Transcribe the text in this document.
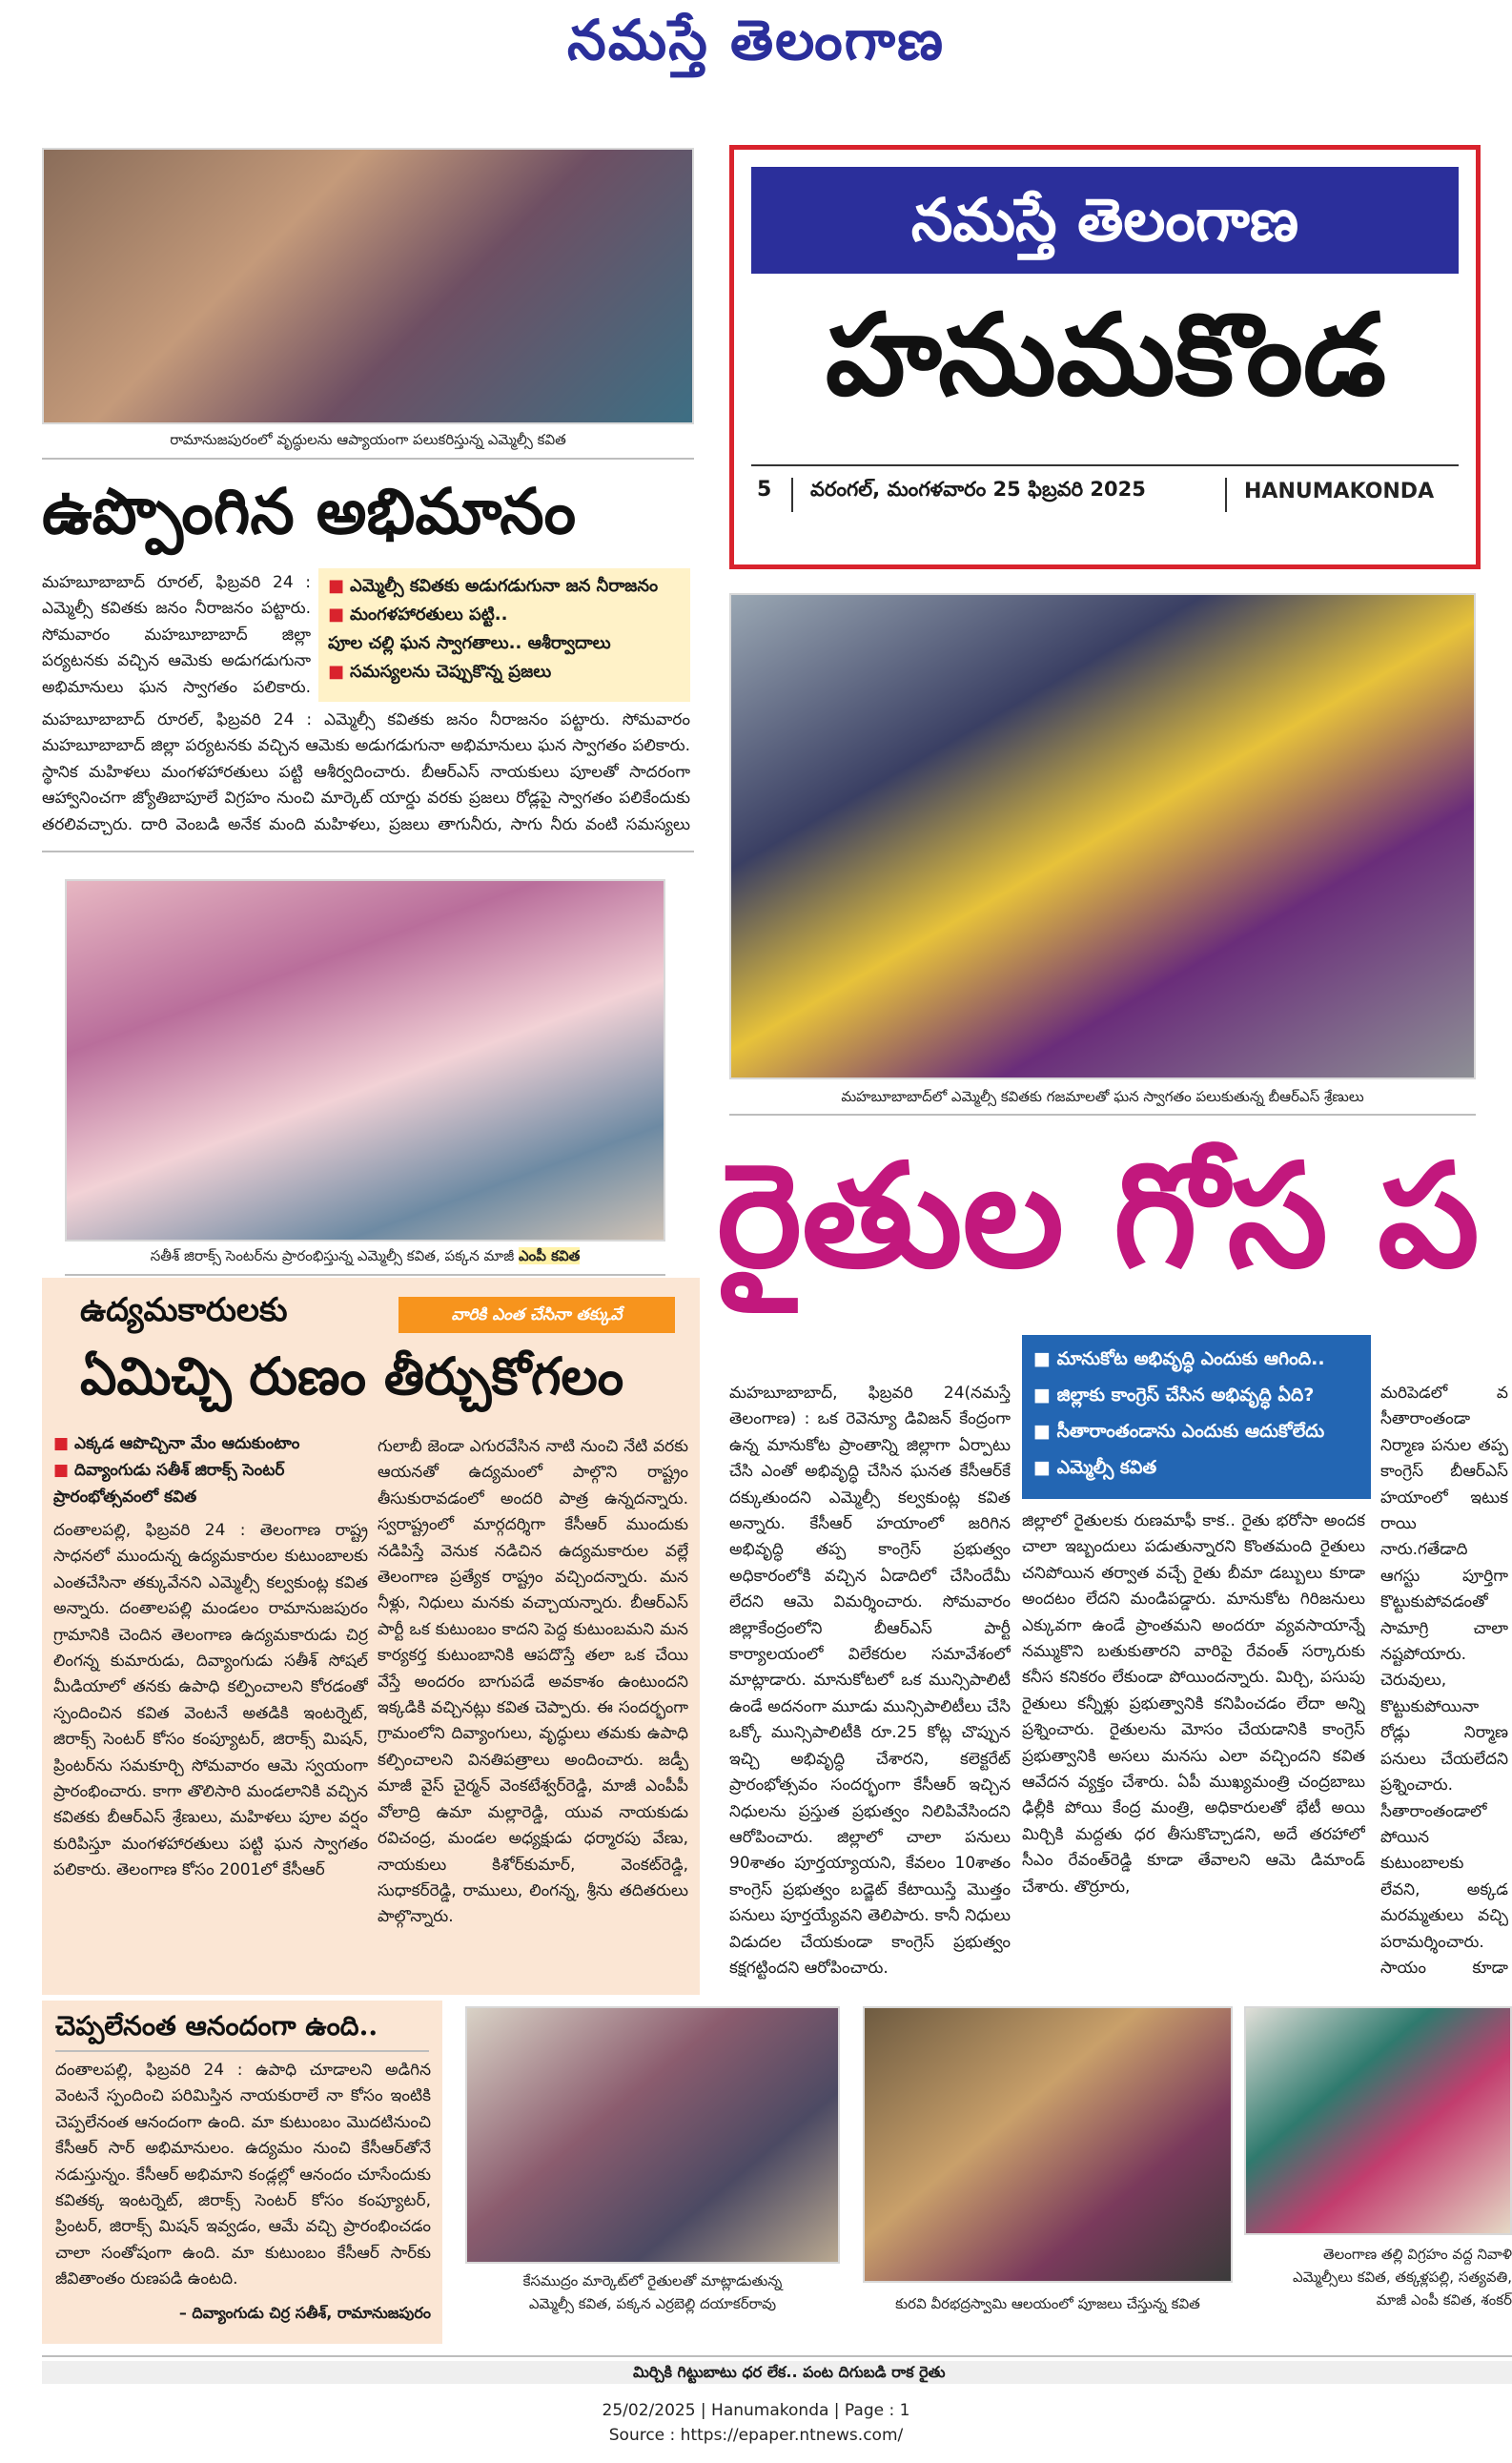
నమస్తే తెలంగాణ
రామానుజపురంలో వృద్ధులను ఆప్యాయంగా పలుకరిస్తున్న ఎమ్మెల్సీ కవిత
నమస్తే తెలంగాణ
హనుమకొండ
5 వరంగల్, మంగళవారం 25 ఫిబ్రవరి 2025	HANUMAKONDA
ఉప్పొంగిన అభిమానం
మహబూబాబాద్ రూరల్, ఫిబ్రవరి 24 : ఎమ్మెల్సీ కవితకు జనం నీరాజనం పట్టారు. సోమవారం మహబూబాబాద్ జిల్లా పర్యటనకు వచ్చిన ఆమెకు అడుగడుగునా అభిమానులు ఘన స్వాగతం పలికారు.
■ ఎమ్మెల్సీ కవితకు అడుగడుగునా జన నీరాజనం
■ మంగళహారతులు పట్టి..
పూల చల్లి ఘన స్వాగతాలు.. ఆశీర్వాదాలు
■ సమస్యలను చెప్పుకొన్న ప్రజలు
మహబూబాబాద్ రూరల్, ఫిబ్రవరి 24 : ఎమ్మెల్సీ కవితకు జనం నీరాజనం పట్టారు. సోమవారం మహబూబాబాద్ జిల్లా పర్యటనకు వచ్చిన ఆమెకు అడుగడుగునా అభిమానులు ఘన స్వాగతం పలికారు. స్థానిక మహిళలు మంగళహారతులు పట్టి ఆశీర్వదించారు. బీఆర్ఎస్ నాయకులు పూలతో సాదరంగా ఆహ్వానించగా జ్యోతిబాపూలే విగ్రహం నుంచి మార్కెట్ యార్డు వరకు ప్రజలు రోడ్లపై స్వాగతం పలికేందుకు తరలివచ్చారు. దారి వెంబడి అనేక మంది మహిళలు, ప్రజలు తాగునీరు, సాగు నీరు వంటి సమస్యలు
సతీశ్ జిరాక్స్ సెంటర్‌ను ప్రారంభిస్తున్న ఎమ్మెల్సీ కవిత, పక్కన మాజీ ఎంపీ కవిత
ఉద్యమకారులకు	వారికి ఎంత చేసినా తక్కువే
ఏమిచ్చి రుణం తీర్చుకోగలం
■ ఎక్కడ ఆపొచ్చినా మేం ఆదుకుంటాం
■ దివ్యాంగుడు సతీశ్ జిరాక్స్ సెంటర్ ప్రారంభోత్సవంలో కవిత
దంతాలపల్లి, ఫిబ్రవరి 24 : తెలంగాణ రాష్ట్ర సాధనలో ముందున్న ఉద్యమకారుల కుటుంబాలకు ఎంతచేసినా తక్కువేనని ఎమ్మెల్సీ కల్వకుంట్ల కవిత అన్నారు. దంతాలపల్లి మండలం రామానుజపురం గ్రామానికి చెందిన తెలంగాణ ఉద్యమకారుడు చిర్ర లింగన్న కుమారుడు, దివ్యాంగుడు సతీశ్ సోషల్ మీడియాలో తనకు ఉపాధి కల్పించాలని కోరడంతో స్పందించిన కవిత వెంటనే అతడికి ఇంటర్నెట్, జిరాక్స్ సెంటర్ కోసం కంప్యూటర్, జిరాక్స్ మిషన్, ప్రింటర్‌ను సమకూర్చి సోమవారం ఆమె స్వయంగా ప్రారంభించారు. కాగా తొలిసారి మండలానికి వచ్చిన కవితకు బీఆర్ఎస్ శ్రేణులు, మహిళలు పూల వర్షం కురిపిస్తూ మంగళహారతులు పట్టి ఘన స్వాగతం పలికారు. తెలంగాణ కోసం 2001లో కేసీఆర్
గులాబీ జెండా ఎగురవేసిన నాటి నుంచి నేటి వరకు ఆయనతో ఉద్యమంలో పాల్గొని రాష్ట్రం తీసుకురావడంలో అందరి పాత్ర ఉన్నదన్నారు. స్వరాష్ట్రంలో మార్గదర్శిగా కేసీఆర్ ముందుకు నడిపిస్తే వెనుక నడిచిన ఉద్యమకారుల వల్లే తెలంగాణ ప్రత్యేక రాష్ట్రం వచ్చిందన్నారు. మన నీళ్లు, నిధులు మనకు వచ్చాయన్నారు. బీఆర్ఎస్ పార్టీ ఒక కుటుంబం కాదని పెద్ద కుటుంబమని మన కార్యకర్త కుటుంబానికి ఆపదొస్తే తలా ఒక చేయి వేస్తే అందరం బాగుపడే అవకాశం ఉంటుందని ఇక్కడికి వచ్చినట్లు కవిత చెప్పారు. ఈ సందర్భంగా గ్రామంలోని దివ్యాంగులు, వృద్ధులు తమకు ఉపాధి కల్పించాలని వినతిపత్రాలు అందించారు. జడ్పీ మాజీ వైస్ చైర్మన్ వెంకటేశ్వర్‌రెడ్డి, మాజీ ఎంపీపీ వోలాద్రి ఉమా మల్లారెడ్డి, యువ నాయకుడు రవిచంద్ర, మండల అధ్యక్షుడు ధర్మారపు వేణు, నాయకులు కిశోర్‌కుమార్, వెంకట్‌రెడ్డి, సుధాకర్‌రెడ్డి, రాములు, లింగన్న, శ్రీను తదితరులు పాల్గొన్నారు.
మహబూబాబాద్‌లో ఎమ్మెల్సీ కవితకు గజమాలతో ఘన స్వాగతం పలుకుతున్న బీఆర్ఎస్ శ్రేణులు
రైతుల గోస ప
మహబూబాబాద్, ఫిబ్రవరి 24(నమస్తే తెలంగాణ) : ఒక రెవెన్యూ డివిజన్ కేంద్రంగా ఉన్న మానుకోట ప్రాంతాన్ని జిల్లాగా ఏర్పాటు చేసి ఎంతో అభివృద్ధి చేసిన ఘనత కేసీఆర్‌కే దక్కుతుందని ఎమ్మెల్సీ కల్వకుంట్ల కవిత అన్నారు. కేసీఆర్ హయాంలో జరిగిన అభివృద్ధి తప్ప కాంగ్రెస్ ప్రభుత్వం అధికారంలోకి వచ్చిన ఏడాదిలో చేసిందేమీ లేదని ఆమె విమర్శించారు. సోమవారం జిల్లాకేంద్రంలోని బీఆర్ఎస్ పార్టీ కార్యాలయంలో విలేకరుల సమావేశంలో మాట్లాడారు. మానుకోటలో ఒక మున్సిపాలిటీ ఉండే అదనంగా మూడు మున్సిపాలిటీలు చేసి ఒక్కో మున్సిపాలిటీకి రూ.25 కోట్ల చొప్పున ఇచ్చి అభివృద్ధి చేశారని, కలెక్టరేట్ ప్రారంభోత్సవం సందర్భంగా కేసీఆర్ ఇచ్చిన నిధులను ప్రస్తుత ప్రభుత్వం నిలిపివేసిందని ఆరోపించారు. జిల్లాలో చాలా పనులు 90శాతం పూర్తయ్యాయని, కేవలం 10శాతం కాంగ్రెస్ ప్రభుత్వం బడ్జెట్ కేటాయిస్తే మొత్తం పనులు పూర్తయ్యేవని తెలిపారు. కానీ నిధులు విడుదల చేయకుండా కాంగ్రెస్ ప్రభుత్వం కక్షగట్టిందని ఆరోపించారు.
■ మానుకోట అభివృద్ధి ఎందుకు ఆగింది..
■ జిల్లాకు కాంగ్రెస్ చేసిన అభివృద్ధి ఏది?
■ సీతారాంతండాను ఎందుకు ఆదుకోలేదు
■ ఎమ్మెల్సీ కవిత
జిల్లాలో రైతులకు రుణమాఫీ కాక.. రైతు భరోసా అందక చాలా ఇబ్బందులు పడుతున్నారని కొంతమంది రైతులు చనిపోయిన తర్వాత వచ్చే రైతు బీమా డబ్బులు కూడా అందటం లేదని మండిపడ్డారు. మానుకోట గిరిజనులు ఎక్కువగా ఉండే ప్రాంతమని అందరూ వ్యవసాయాన్నే నమ్ముకొని బతుకుతారని వారిపై రేవంత్ సర్కారుకు కనీస కనికరం లేకుండా పోయిందన్నారు. మిర్చి, పసుపు రైతులు కన్నీళ్లు ప్రభుత్వానికి కనిపించడం లేదా అన్ని ప్రశ్నించారు. రైతులను మోసం చేయడానికి కాంగ్రెస్ ప్రభుత్వానికి అసలు మనసు ఎలా వచ్చిందని కవిత ఆవేదన వ్యక్తం చేశారు. ఏపీ ముఖ్యమంత్రి చంద్రబాబు ఢిల్లీకి పోయి కేంద్ర మంత్రి, అధికారులతో భేటీ అయి మిర్చికి మద్దతు ధర తీసుకొచ్చాడని, అదే తరహాలో సీఎం రేవంత్‌రెడ్డి కూడా తేవాలని ఆమె డిమాండ్ చేశారు. తొర్రూరు,
మరిపెడలో వ సీతారాంతండా నిర్మాణ పనుల తప్ప కాంగ్రెస్ బీఆర్ఎస్ హయాంలో ఇటుక రాయి నారు.గతేడాది ఆగస్టు పూర్తిగా కొట్టుకుపోవడంతో సామాగ్రి చాలా నష్టపోయారు. చెరువులు, కొట్టుకుపోయినా రోడ్లు నిర్మాణ పనులు చేయలేదని ప్రశ్నించారు. సీతారాంతండాలో పోయిన కుటుంబాలకు లేవని, అక్కడ మరమ్మతులు వచ్చి పరామర్శించారు. సాయం కూడా
చెప్పలేనంత ఆనందంగా ఉంది..
దంతాలపల్లి, ఫిబ్రవరి 24 : ఉపాధి చూడాలని అడిగిన వెంటనే స్పందించి పరిమిస్తిన నాయకురాలే నా కోసం ఇంటికి చెప్పలేనంత ఆనందంగా ఉంది. మా కుటుంబం మొదటినుంచి కేసీఆర్ సార్ అభిమానులం. ఉద్యమం నుంచి కేసీఆర్‌తోనే నడుస్తున్నం. కేసీఆర్ అభిమాని కండ్లల్లో ఆనందం చూసేందుకు కవితక్క ఇంటర్నెట్, జిరాక్స్ సెంటర్ కోసం కంప్యూటర్, ప్రింటర్, జిరాక్స్ మిషన్ ఇవ్వడం, ఆమే వచ్చి ప్రారంభించడం చాలా సంతోషంగా ఉంది. మా కుటుంబం కేసీఆర్ సార్‌కు జీవితాంతం రుణపడి ఉంటది.
– దివ్యాంగుడు చిర్ర సతీశ్, రామానుజపురం
కేసముద్రం మార్కెట్‌లో రైతులతో మాట్లాడుతున్న
ఎమ్మెల్సీ కవిత, పక్కన ఎర్రబెల్లి దయాకర్‌రావు	కురవి వీరభద్రస్వామి ఆలయంలో పూజలు చేస్తున్న కవిత
తెలంగాణ తల్లి విగ్రహం వద్ద నివాళి
ఎమ్మెల్సీలు కవిత, తక్కళ్లపల్లి, సత్యవతి,
మాజీ ఎంపీ కవిత, శంకర్
మిర్చికి గిట్టుబాటు ధర లేక.. పంట దిగుబడి రాక రైతు
25/02/2025 | Hanumakonda | Page : 1
Source : https://epaper.ntnews.com/
